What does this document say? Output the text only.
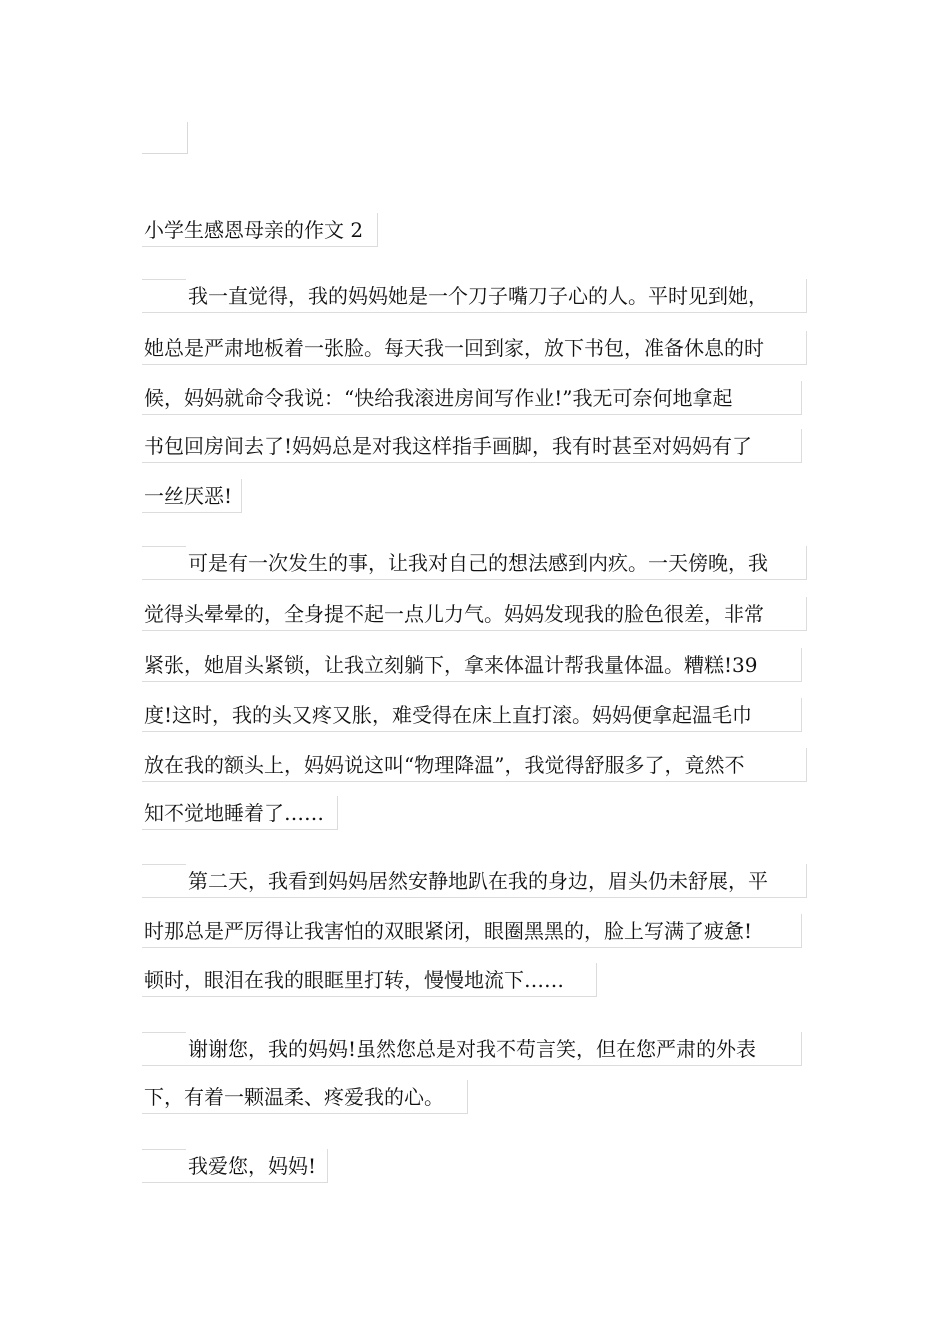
小学生感恩母亲的作文 2
我一直觉得，我的妈妈她是一个刀子嘴刀子心的人。平时见到她，
她总是严肃地板着一张脸。每天我一回到家，放下书包，准备休息的时
候，妈妈就命令我说：“快给我滚进房间写作业!”我无可奈何地拿起
书包回房间去了!妈妈总是对我这样指手画脚，我有时甚至对妈妈有了
一丝厌恶!
可是有一次发生的事，让我对自己的想法感到内疚。一天傍晚，我
觉得头晕晕的，全身提不起一点儿力气。妈妈发现我的脸色很差，非常
紧张，她眉头紧锁，让我立刻躺下，拿来体温计帮我量体温。糟糕!39
度!这时，我的头又疼又胀，难受得在床上直打滚。妈妈便拿起温毛巾
放在我的额头上，妈妈说这叫“物理降温”，我觉得舒服多了，竟然不
知不觉地睡着了……
第二天，我看到妈妈居然安静地趴在我的身边，眉头仍未舒展，平
时那总是严厉得让我害怕的双眼紧闭，眼圈黑黑的，脸上写满了疲惫!
顿时，眼泪在我的眼眶里打转，慢慢地流下……
谢谢您，我的妈妈!虽然您总是对我不苟言笑，但在您严肃的外表
下，有着一颗温柔、疼爱我的心。
我爱您，妈妈!
